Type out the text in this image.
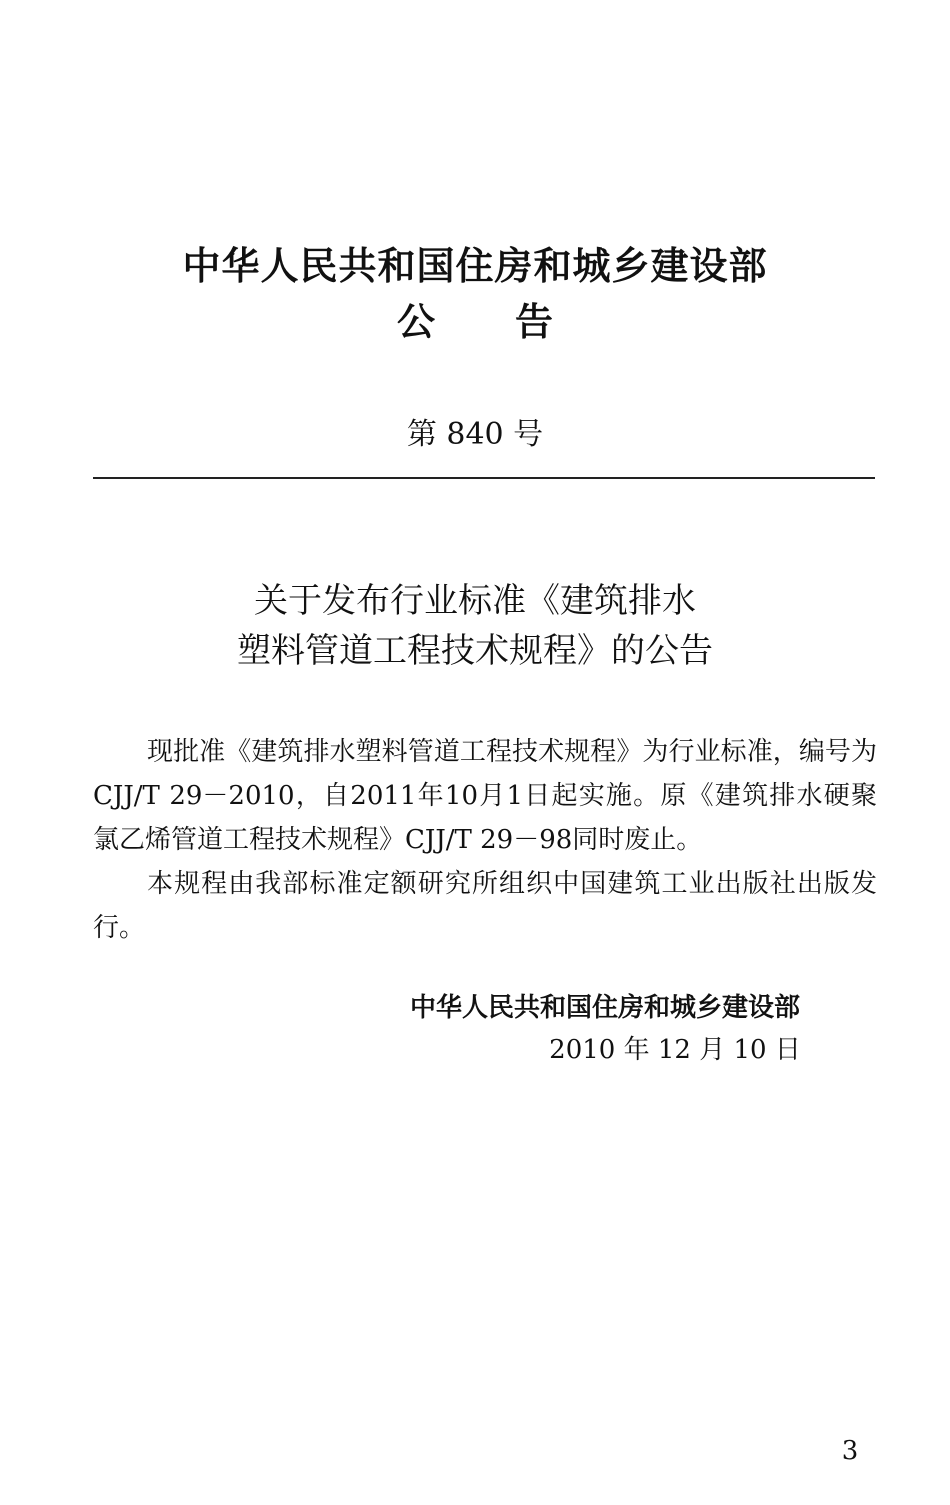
中华人民共和国住房和城乡建设部
公告
第 840 号
关于发布行业标准《建筑排水
塑料管道工程技术规程》的公告

现批准《建筑排水塑料管道工程技术规程》为行业标准，编号为CJJ/T 29－2010，自2011年10月1日起实施。原《建筑排水硬聚氯乙烯管道工程技术规程》CJJ/T 29－98同时废止。

本规程由我部标准定额研究所组织中国建筑工业出版社出版发行。

中华人民共和国住房和城乡建设部
2010 年 12 月 10 日
3
